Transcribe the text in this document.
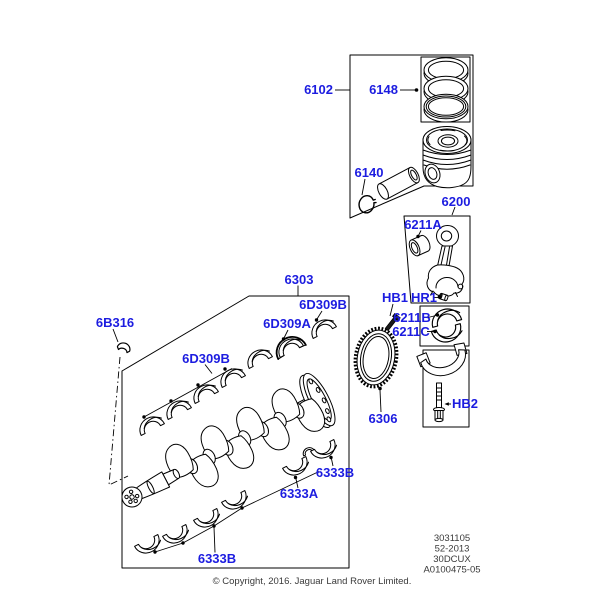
6102	6148
6140
6200
6211A
HB1 HR1
6211B
6211C
HB2
6306
6303
6B316
6D309B
6D309A
6D309B
6333B
6333A
6333B
3031105
52-2013
30DCUX
A0100475-05
© Copyright, 2016. Jaguar Land Rover Limited.
